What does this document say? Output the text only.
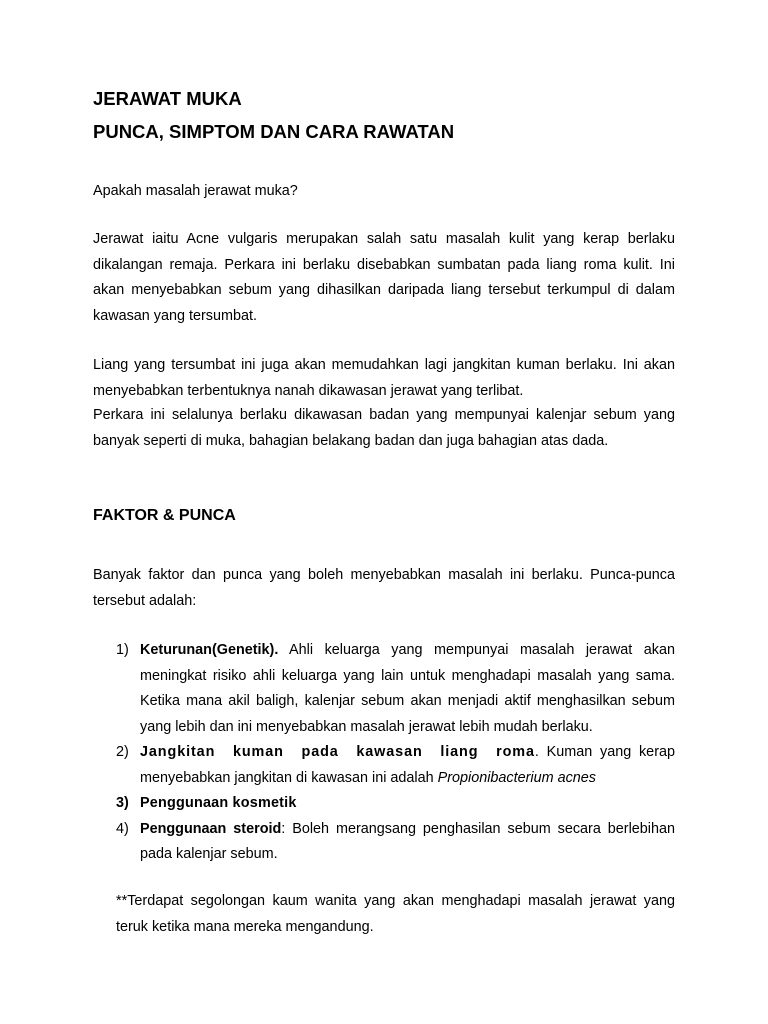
JERAWAT MUKA
PUNCA, SIMPTOM DAN CARA RAWATAN

Apakah masalah jerawat muka?

Jerawat iaitu Acne vulgaris merupakan salah satu masalah kulit yang kerap berlaku dikalangan remaja. Perkara ini berlaku disebabkan sumbatan pada liang roma kulit. Ini akan menyebabkan sebum yang dihasilkan daripada liang tersebut terkumpul di dalam kawasan yang tersumbat.

Liang yang tersumbat ini juga akan memudahkan lagi jangkitan kuman berlaku. Ini akan menyebabkan terbentuknya nanah dikawasan jerawat yang terlibat.

Perkara ini selalunya berlaku dikawasan badan yang mempunyai kalenjar sebum yang banyak seperti di muka, bahagian belakang badan dan juga bahagian atas dada.

FAKTOR & PUNCA

Banyak faktor dan punca yang boleh menyebabkan masalah ini berlaku. Punca-punca tersebut adalah:

1) Keturunan(Genetik). Ahli keluarga yang mempunyai masalah jerawat akan meningkat risiko ahli keluarga yang lain untuk menghadapi masalah yang sama. Ketika mana akil baligh, kalenjar sebum akan menjadi aktif menghasilkan sebum yang lebih dan ini menyebabkan masalah jerawat lebih mudah berlaku.
2) Jangkitan kuman pada kawasan liang roma. Kuman yang kerap menyebabkan jangkitan di kawasan ini adalah Propionibacterium acnes
3) Penggunaan kosmetik
4) Penggunaan steroid: Boleh merangsang penghasilan sebum secara berlebihan pada kalenjar sebum.

**Terdapat segolongan kaum wanita yang akan menghadapi masalah jerawat yang teruk ketika mana mereka mengandung.
